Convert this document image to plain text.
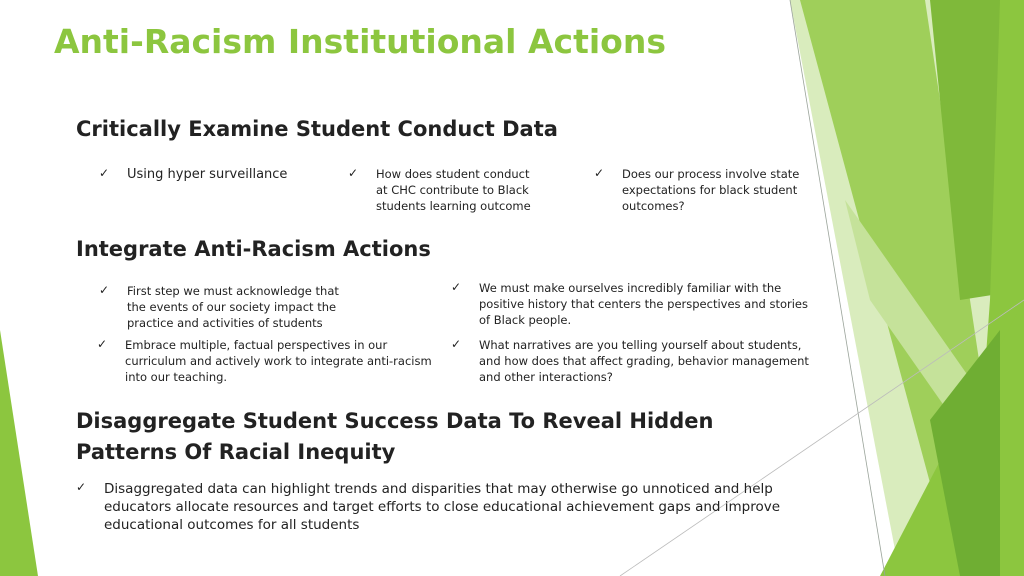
Anti-Racism Institutional Actions
Critically Examine Student Conduct Data
✓ Using hyper surveillance	✓ How does student conduct at CHC contribute to Black students learning outcome
✓ Does our process involve state expectations for black student outcomes?
Integrate Anti-Racism Actions
✓ First step we must acknowledge that the events of our society impact the practice and activities of students
✓ We must make ourselves incredibly familiar with the positive history that centers the perspectives and stories of Black people.
✓ Embrace multiple, factual perspectives in our curriculum and actively work to integrate anti-racism into our teaching.
✓ What narratives are you telling yourself about students, and how does that affect grading, behavior management and other interactions?
Disaggregate Student Success Data To Reveal Hidden Patterns Of Racial Inequity
✓ Disaggregated data can highlight trends and disparities that may otherwise go unnoticed and help educators allocate resources and target efforts to close educational achievement gaps and improve educational outcomes for all students
